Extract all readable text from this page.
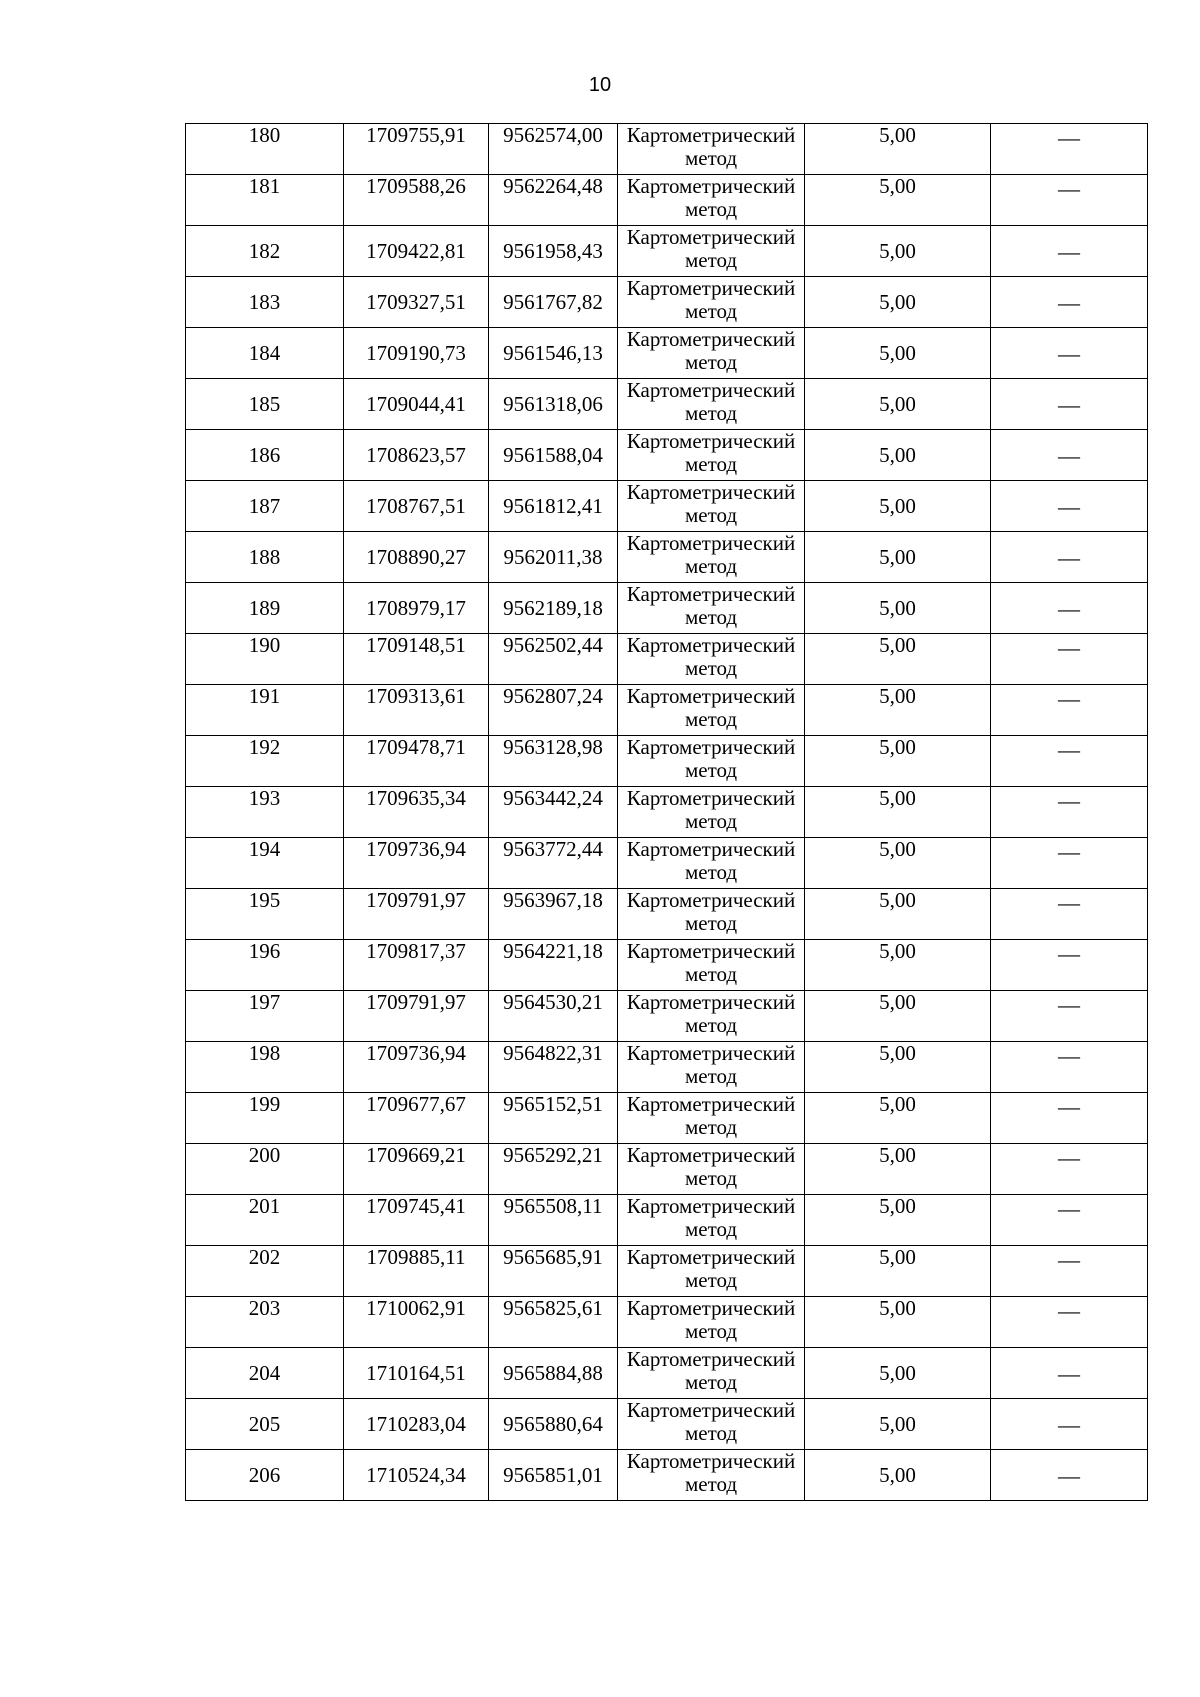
10
180	1709755,91	9562574,00	Картометрический метод	5,00	—
181	1709588,26	9562264,48	Картометрический метод	5,00	—
182	1709422,81	9561958,43	Картометрический метод	5,00	—
183	1709327,51	9561767,82	Картометрический метод	5,00	—
184	1709190,73	9561546,13	Картометрический метод	5,00	—
185	1709044,41	9561318,06	Картометрический метод	5,00	—
186	1708623,57	9561588,04	Картометрический метод	5,00	—
187	1708767,51	9561812,41	Картометрический метод	5,00	—
188	1708890,27	9562011,38	Картометрический метод	5,00	—
189	1708979,17	9562189,18	Картометрический метод	5,00	—
190	1709148,51	9562502,44	Картометрический метод	5,00	—
191	1709313,61	9562807,24	Картометрический метод	5,00	—
192	1709478,71	9563128,98	Картометрический метод	5,00	—
193	1709635,34	9563442,24	Картометрический метод	5,00	—
194	1709736,94	9563772,44	Картометрический метод	5,00	—
195	1709791,97	9563967,18	Картометрический метод	5,00	—
196	1709817,37	9564221,18	Картометрический метод	5,00	—
197	1709791,97	9564530,21	Картометрический метод	5,00	—
198	1709736,94	9564822,31	Картометрический метод	5,00	—
199	1709677,67	9565152,51	Картометрический метод	5,00	—
200	1709669,21	9565292,21	Картометрический метод	5,00	—
201	1709745,41	9565508,11	Картометрический метод	5,00	—
202	1709885,11	9565685,91	Картометрический метод	5,00	—
203	1710062,91	9565825,61	Картометрический метод	5,00	—
204	1710164,51	9565884,88	Картометрический метод	5,00	—
205	1710283,04	9565880,64	Картометрический метод	5,00	—
206	1710524,34	9565851,01	Картометрический метод	5,00	—
